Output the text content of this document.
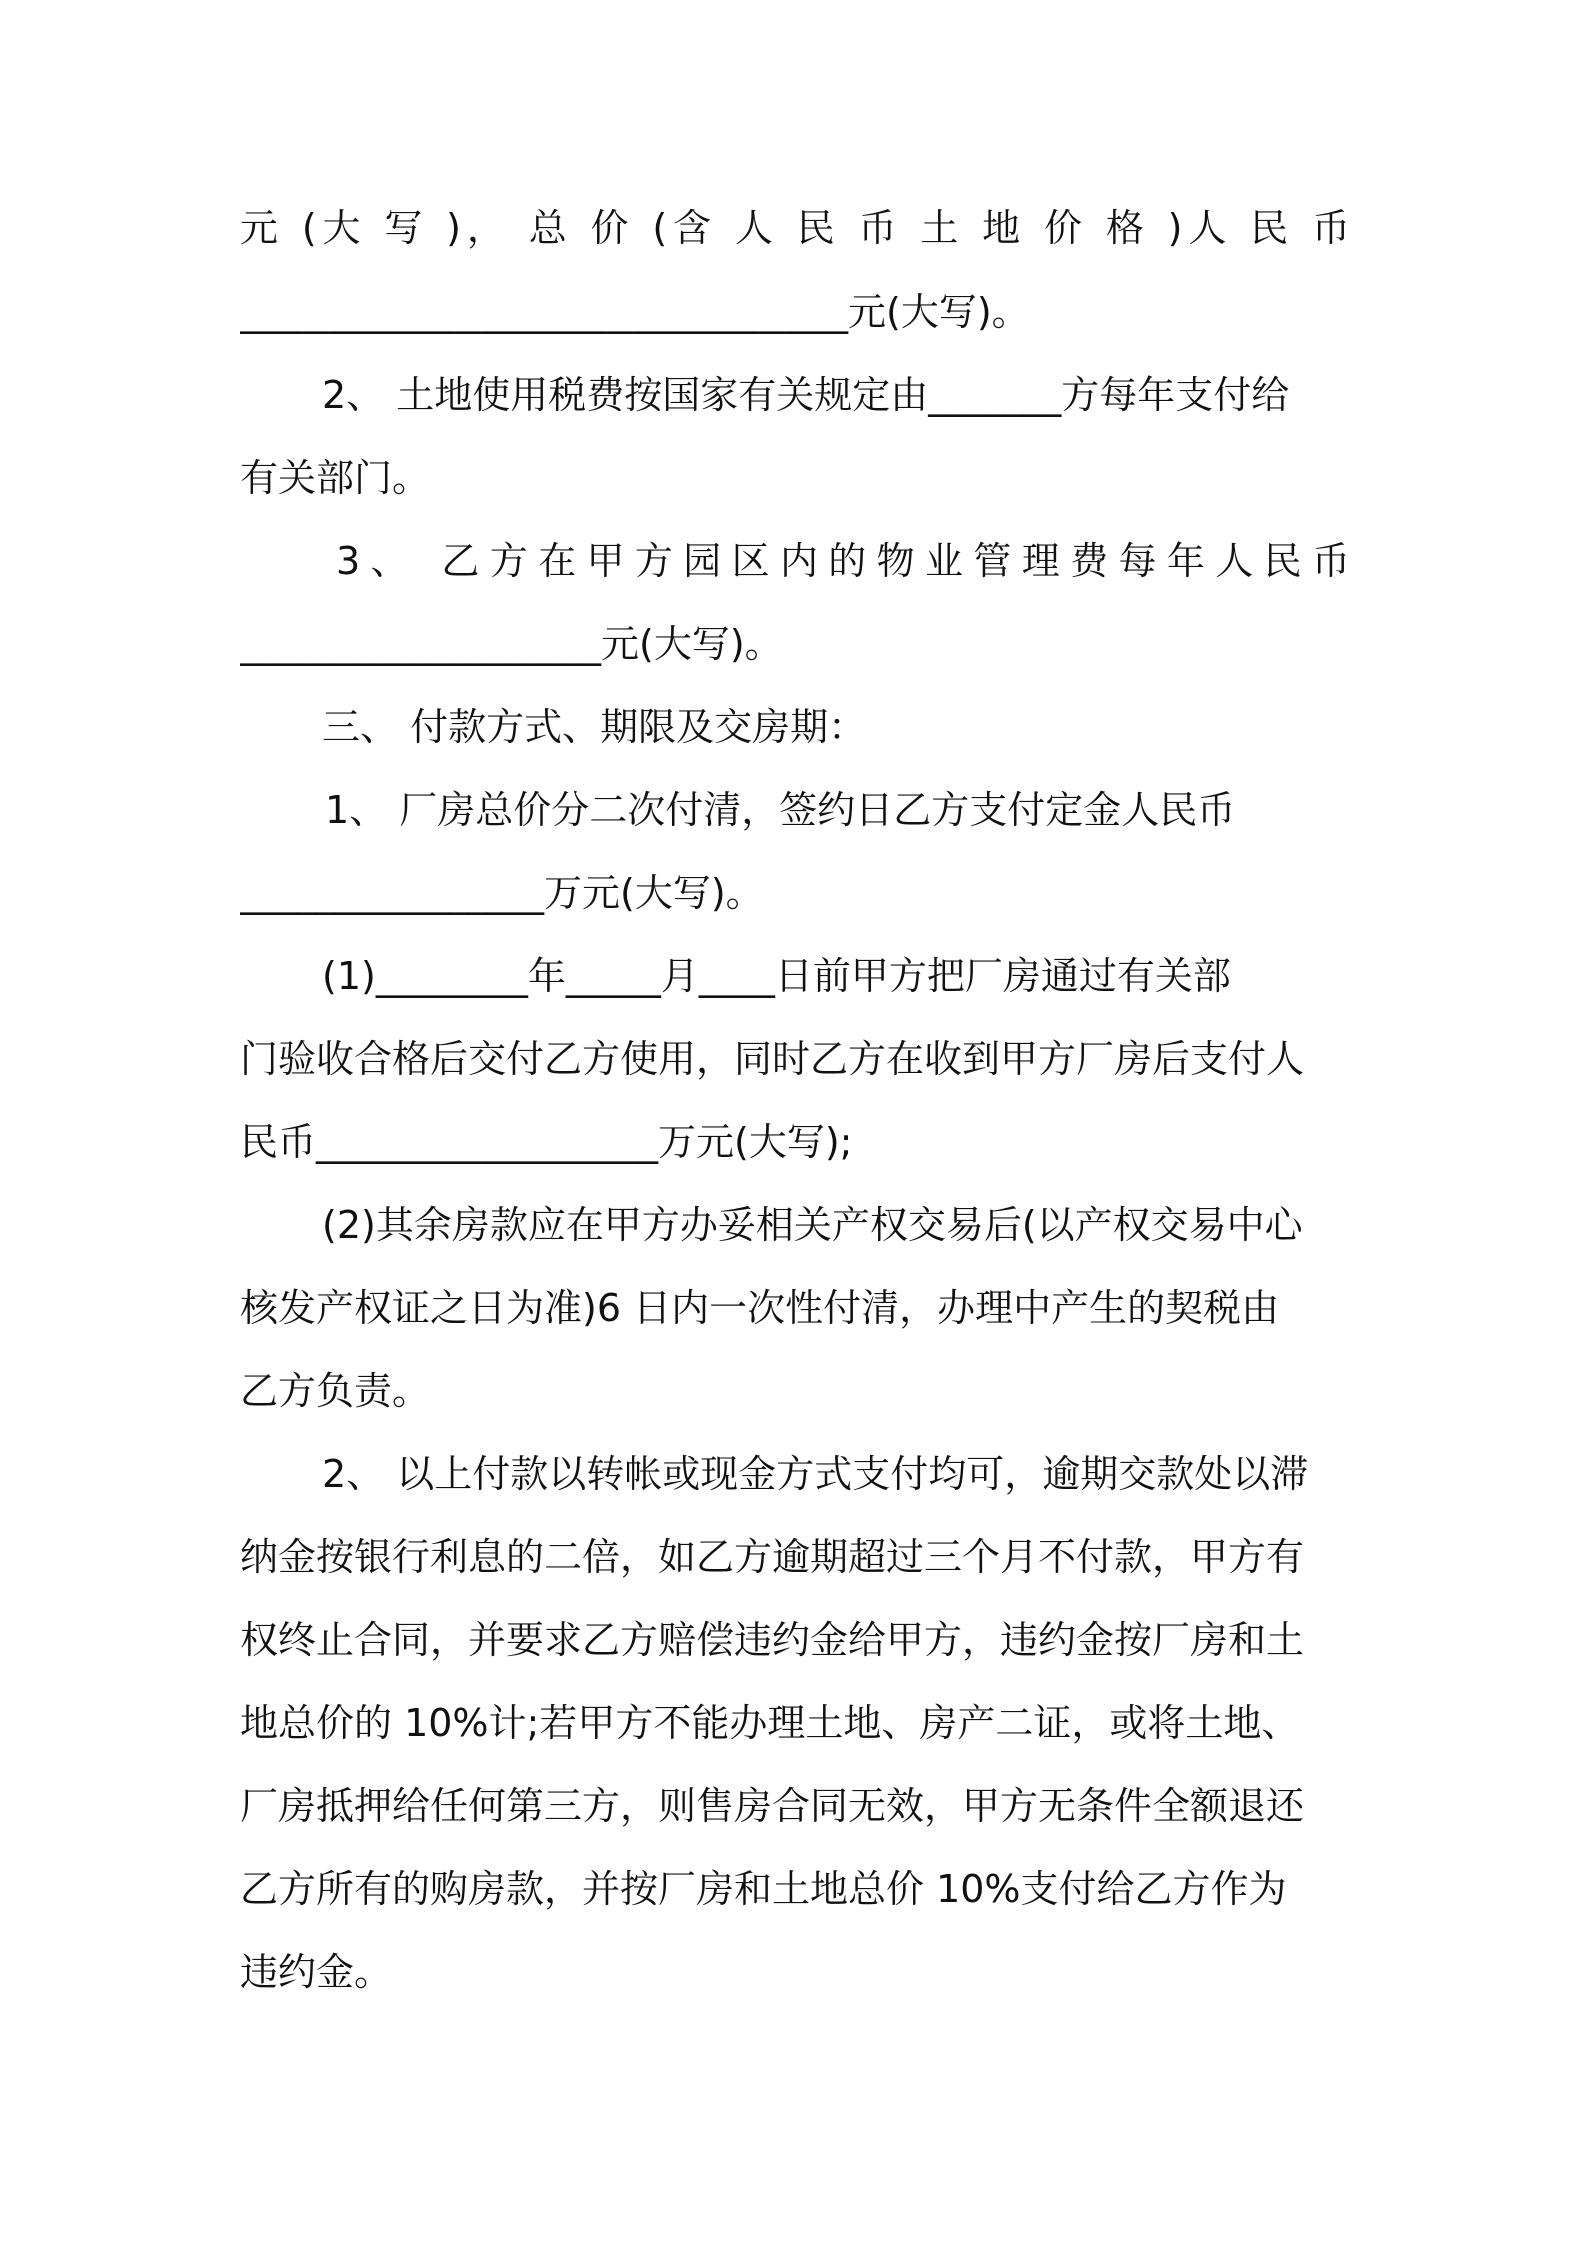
元 (大 写 )， 总 价 (含 人 民 币 土 地 价 格 )人 民 币
________________________________元(大写)。
2、 土地使用税费按国家有关规定由_______方每年支付给
有关部门。
3、 乙方在甲方园区内的物业管理费每年人民币
___________________元(大写)。
三、 付款方式、期限及交房期：
1、 厂房总价分二次付清，签约日乙方支付定金人民币
________________万元(大写)。
(1)________年_____月____日前甲方把厂房通过有关部
门验收合格后交付乙方使用，同时乙方在收到甲方厂房后支付人
民币__________________万元(大写);
(2)其余房款应在甲方办妥相关产权交易后(以产权交易中心
核发产权证之日为准)6 日内一次性付清，办理中产生的契税由
乙方负责。
2、 以上付款以转帐或现金方式支付均可，逾期交款处以滞
纳金按银行利息的二倍，如乙方逾期超过三个月不付款，甲方有
权终止合同，并要求乙方赔偿违约金给甲方，违约金按厂房和土
地总价的 10%计;若甲方不能办理土地、房产二证，或将土地、
厂房抵押给任何第三方，则售房合同无效，甲方无条件全额退还
乙方所有的购房款，并按厂房和土地总价 10%支付给乙方作为
违约金。
